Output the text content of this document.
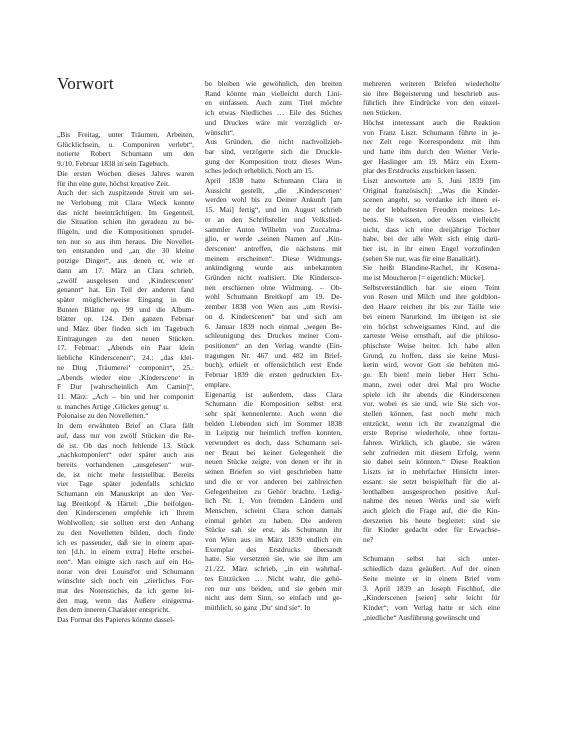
Vorwort
„Bis Freitag, unter Träumen, Arbeiten,
Glücklichsein, u. Componiren verlebt“,
notierte Robert Schumann um den
9./10. Februar 1838 in sein Tagebuch.
Die ersten Wochen dieses Jahres waren
für ihn eine gute, höchst kreative Zeit.
Auch der sich zuspitzende Streit um sei-
ne Verlobung mit Clara Wieck konnte
das nicht beeinträchtigen. Im Gegenteil,
die Situation schien ihn geradezu zu be-
flügeln, und die Kompositionen sprudel-
ten nur so aus ihm heraus. Die Novellet-
ten entstanden und „an die 30 kleine
putzige Dinger“, aus denen er, wie er
dann am 17. März an Clara schrieb,
„zwölf ausgelesen und ‚Kinderscenen‘
genannt“ hat. Ein Teil der anderen fand
später möglicherweise Eingang in die
Bunten Blätter op. 99 und die Album-
blätter op. 124. Den ganzen Februar
und März über finden sich im Tagebuch
Eintragungen zu den neuen Stücken.
17. Februar: „Abends ein Paar klein
liebliche Kinderscenen“, 24.: „das klei-
ne Ding ‚Träumerei‘ componirt“, 25.:
„Abends wieder eine ‚Kinderscene‘ in
F Dur [wahrscheinlich Am Camin]“,
11. März: „Ach – bin und her componirt
u. manches Artige ‚Glückes genug‘ u.
Polonaise zu den Novelletten.“
In dem erwähnten Brief an Clara fällt
auf, dass nur von zwölf Stücken die Re-
de ist. Ob das noch fehlende 13. Stück
„nachkomponiert“ oder später auch aus
bereits vorhandenen „ausgelesen“ wur-
de, ist nicht mehr feststellbar. Bereits
vier Tage später jedenfalls schickte
Schumann ein Manuskript an den Ver-
lag Breitkopf & Härtel: „Die beifolgen-
den Kinderscenen empfehle ich Ihrem
Wohlwollen; sie sollten erst den Anhang
zu den Novelletten bilden, doch finde
ich es passender, daß sie in einem apar-
ten [d.h. in einem extra] Hefte erschei-
nen“. Man einigte sich rasch auf ein Ho-
norar von drei Louisd'or und Schumann
wünschte sich noch ein „zierliches For-
mat des Notenstiches, da ich gerne lei-
den mag, wenn das Äußere einigerma-
ßen dem inneren Charakter entspricht.
Das Format des Papieres könnte dassel-
be bleiben wie gewöhnlich, den breiten
Rand könnte man vielleicht durch Lini-
en einfassen. Auch zum Titel möchte
ich etwas Niedliches … Eile des Stiches
und Druckes wäre mir vorzüglich er-
wünscht“.
Aus Gründen, die nicht nachvollzieh-
bar sind, verzögerte sich die Druckle-
gung der Komposition trotz dieses Wun-
sches jedoch erheblich. Noch am 15.
April 1838 hatte Schumann Clara in
Aussicht gestellt, „die ‚Kinderscenen‘
werden wohl bis zu Deiner Ankunft [am
15. Mai] fertig“, und im August schrieb
er an den Schriftsteller und Volkslied-
sammler Anton Wilhelm von Zuccalma-
glio, er werde „seinen Namen auf ‚Kin-
derscenen‘ antreffen, die nächstens mit
meinem erscheinen“. Diese Widmungs-
ankündigung wurde aus unbekannten
Gründen nicht realisiert. Die Kinderscе-
nen erschienen ohne Widmung. – Ob-
wohl Schumann Breitkopf am 19. De-
zember 1838 von Wien aus „um Revisi-
on d. Kinderscenen“ bat und sich am
6. Januar 1839 noch einmal „wegen Be-
schleunigung des Druckes meiner Com-
positionen“ an den Verlag wandte (Ein-
tragungen Nr. 467 und 482 im Brief-
buch), erhielt er offensichtlich erst Ende
Februar 1839 die ersten gedruckten Ex-
emplare.
Eigenartig ist außerdem, dass Clara
Schumann die Komposition selbst erst
sehr spät kennenlernte. Auch wenn die
beiden Liebenden sich im Sommer 1838
in Leipzig nur heimlich treffen konnten,
verwundert es doch, dass Schumann sei-
ner Braut bei keiner Gelegenheit die
neuen Stücke zeigte, von denen er ihr in
seinen Briefen so viel geschrieben hatte
und die er vor anderen bei zahlreichen
Gelegenheiten zu Gehör brachte. Ledig-
lich Nr. 1, Von fremden Ländern und
Menschen, scheint Clara schon damals
einmal gehört zu haben. Die anderen
Stücke sah sie erst, als Schumann ihr
von Wien aus im März 1839 endlich ein
Exemplar des Erstdrucks übersandt
hatte. Sie versetzten sie, wie sie ihm am
21./22. März schrieb, „in ein wahrhaf-
tes Entzücken … Nicht wahr, die gehö-
ren nur uns beiden, und sie gehen mir
nicht aus dem Sinn, so einfach und ge-
müthlich, so ganz ‚Du‘ sind sie“. In
mehreren weiteren Briefen wiederholte
sie ihre Begeisterung und beschrieb aus-
führlich ihre Eindrücke von den einzel-
nen Stücken.
Höchst interessant auch die Reaktion
von Franz Liszt. Schumann führte in je-
ner Zeit rege Korrespondenz mit ihm
und hatte ihm durch den Wiener Verle-
ger Haslinger am 19. März ein Exem-
plar des Erstdrucks zuschicken lassen.
Liszt antwortete am 5. Juni 1839 [im
Original französisch]: „Was die Kinder-
scenen angeht, so verdanke ich ihnen ei-
ne der lebhaftesten Freuden meines Le-
bens. Sie wissen, oder wissen vielleicht
nicht, dass ich eine dreijährige Tochter
habe, bei der alle Welt sich einig darü-
ber ist, in ihr einen Engel vorzufinden
(sehen Sie nur, was für eine Banalität!).
Sie heißt Blandine-Rachel, ihr Kosena-
me ist Moucheron [= eigentlich: Mücke].
Selbstverständlich hat sie einen Teint
von Rosen und Milch und ihre goldblon-
den Haare reichen ihr bis zur Taille wie
bei einem Naturkind. Im übrigen ist sie
ein höchst schweigsames Kind, auf die
zarteste Weise ernsthaft, auf die philoso-
phischste Weise heiter. Ich habe allen
Grund, zu hoffen, dass sie keine Musi-
kerin wird, wovor Gott sie behüten mö-
ge. Eh bien! mein lieber Herr Schu-
mann, zwei oder drei Mal pro Woche
spiele ich ihr abends die Kinderscenen
vor, wobei es sie und, wie Sie sich vor-
stellen können, fast noch mehr mich
entzückt, wenn ich ihr zwanzigmal die
erste Reprise wiederhole, ohne fortzu-
fahren. Wirklich, ich glaube, sie wären
sehr zufrieden mit diesem Erfolg, wenn
sie dabei sein könnten.“ Diese Reaktion
Liszts ist in mehrfacher Hinsicht inter-
essant: sie setzt beispielhaft für die al-
lenthalben ausgesprochen positive Auf-
nahme des neuen Werks und sie wirft
auch gleich die Frage auf, die die Kin-
derszenen bis heute begleitet: sind sie
für Kinder gedacht oder für Erwachse-
ne?
Schumann selbst hat sich unter-
schiedlich dazu geäußert. Auf der einen
Seite meinte er in einem Brief vom
3. April 1839 an Joseph Fischhof, die
„Kinderscenen [seien] sehr leicht für
Kinder“; vom Verlag hatte er sich eine
„niedliche“ Ausführung gewünscht und
